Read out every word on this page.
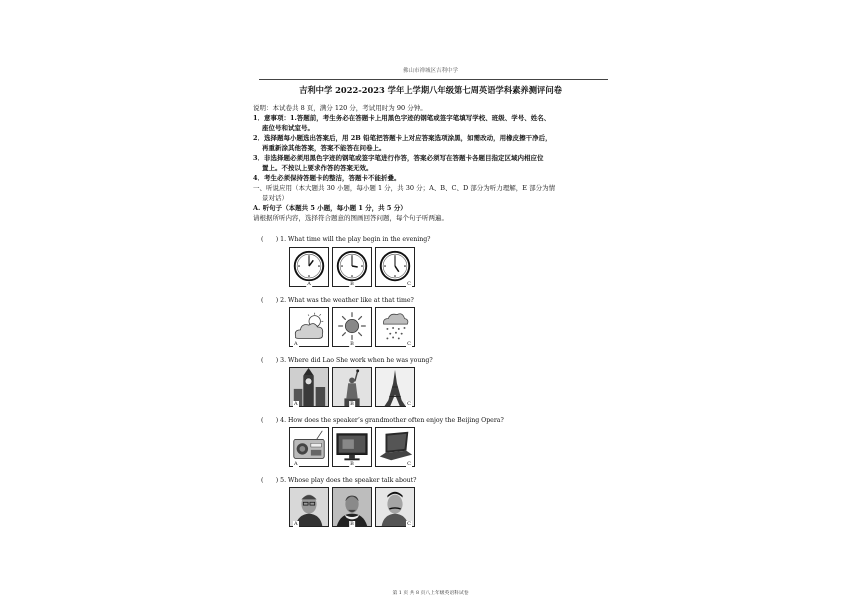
佛山市禅城区吉利中学
吉利中学 2022-2023 学年上学期八年级第七周英语学科素养测评问卷
说明：本试卷共 8 页，满分 120 分，考试用时为 90 分钟。
1．意事项：1.答题前，考生务必在答题卡上用黑色字迹的钢笔或签字笔填写学校、班级、学号、姓名、
座位号和试室号。
2．选择题每小题选出答案后，用 2B 铅笔把答题卡上对应答案选项涂黑，如需改动，用橡皮擦干净后，
再重新涂其他答案，答案不能答在问卷上。
3．非选择题必须用黑色字迹的钢笔或签字笔进行作答，答案必须写在答题卡各题目指定区域内相应位
置上。不按以上要求作答的答案无效。
4．考生必须保持答题卡的整洁，答题卡不能折叠。
一、听说应用（本大题共 30 小题，每小题 1 分，共 30 分；A、B、C、D 部分为听力理解，E 部分为情
景对话）
A. 听句子（本题共 5 小题，每小题 1 分，共 5 分）
请根据所听内容，选择符合题意的图画回答问题，每个句子听两遍。
(　　) 1. What time will the play begin in the evening?
A	B	C
(　　) 2. What was the weather like at that time?
A	B	C
(　　) 3. Where did Lao She work when he was young?
A	B	C
(　　) 4. How does the speaker’s grandmother often enjoy the Beijing Opera?
A	B	C
(　　) 5. Whose play does the speaker talk about?
A	B	C
第 1 页 共 8 页八上年级英语科试卷
